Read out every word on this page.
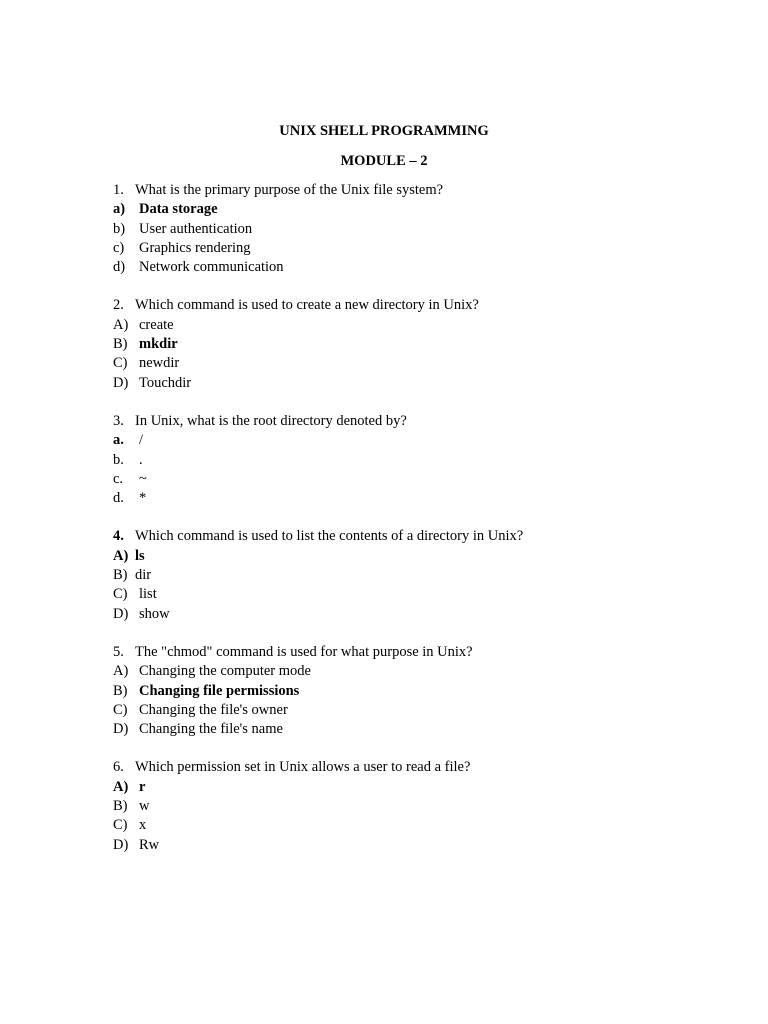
UNIX SHELL PROGRAMMING
MODULE – 2
1. What is the primary purpose of the Unix file system?
a) Data storage
b) User authentication
c) Graphics rendering
d) Network communication
2. Which command is used to create a new directory in Unix?
A) create
B) mkdir
C) newdir
D) Touchdir
3. In Unix, what is the root directory denoted by?
a. /
b. .
c. ~
d. *
4. Which command is used to list the contents of a directory in Unix?
A) ls
B) dir
C) list
D) show
5. The "chmod" command is used for what purpose in Unix?
A) Changing the computer mode
B) Changing file permissions
C) Changing the file's owner
D) Changing the file's name
6. Which permission set in Unix allows a user to read a file?
A) r
B) w
C) x
D) Rw
